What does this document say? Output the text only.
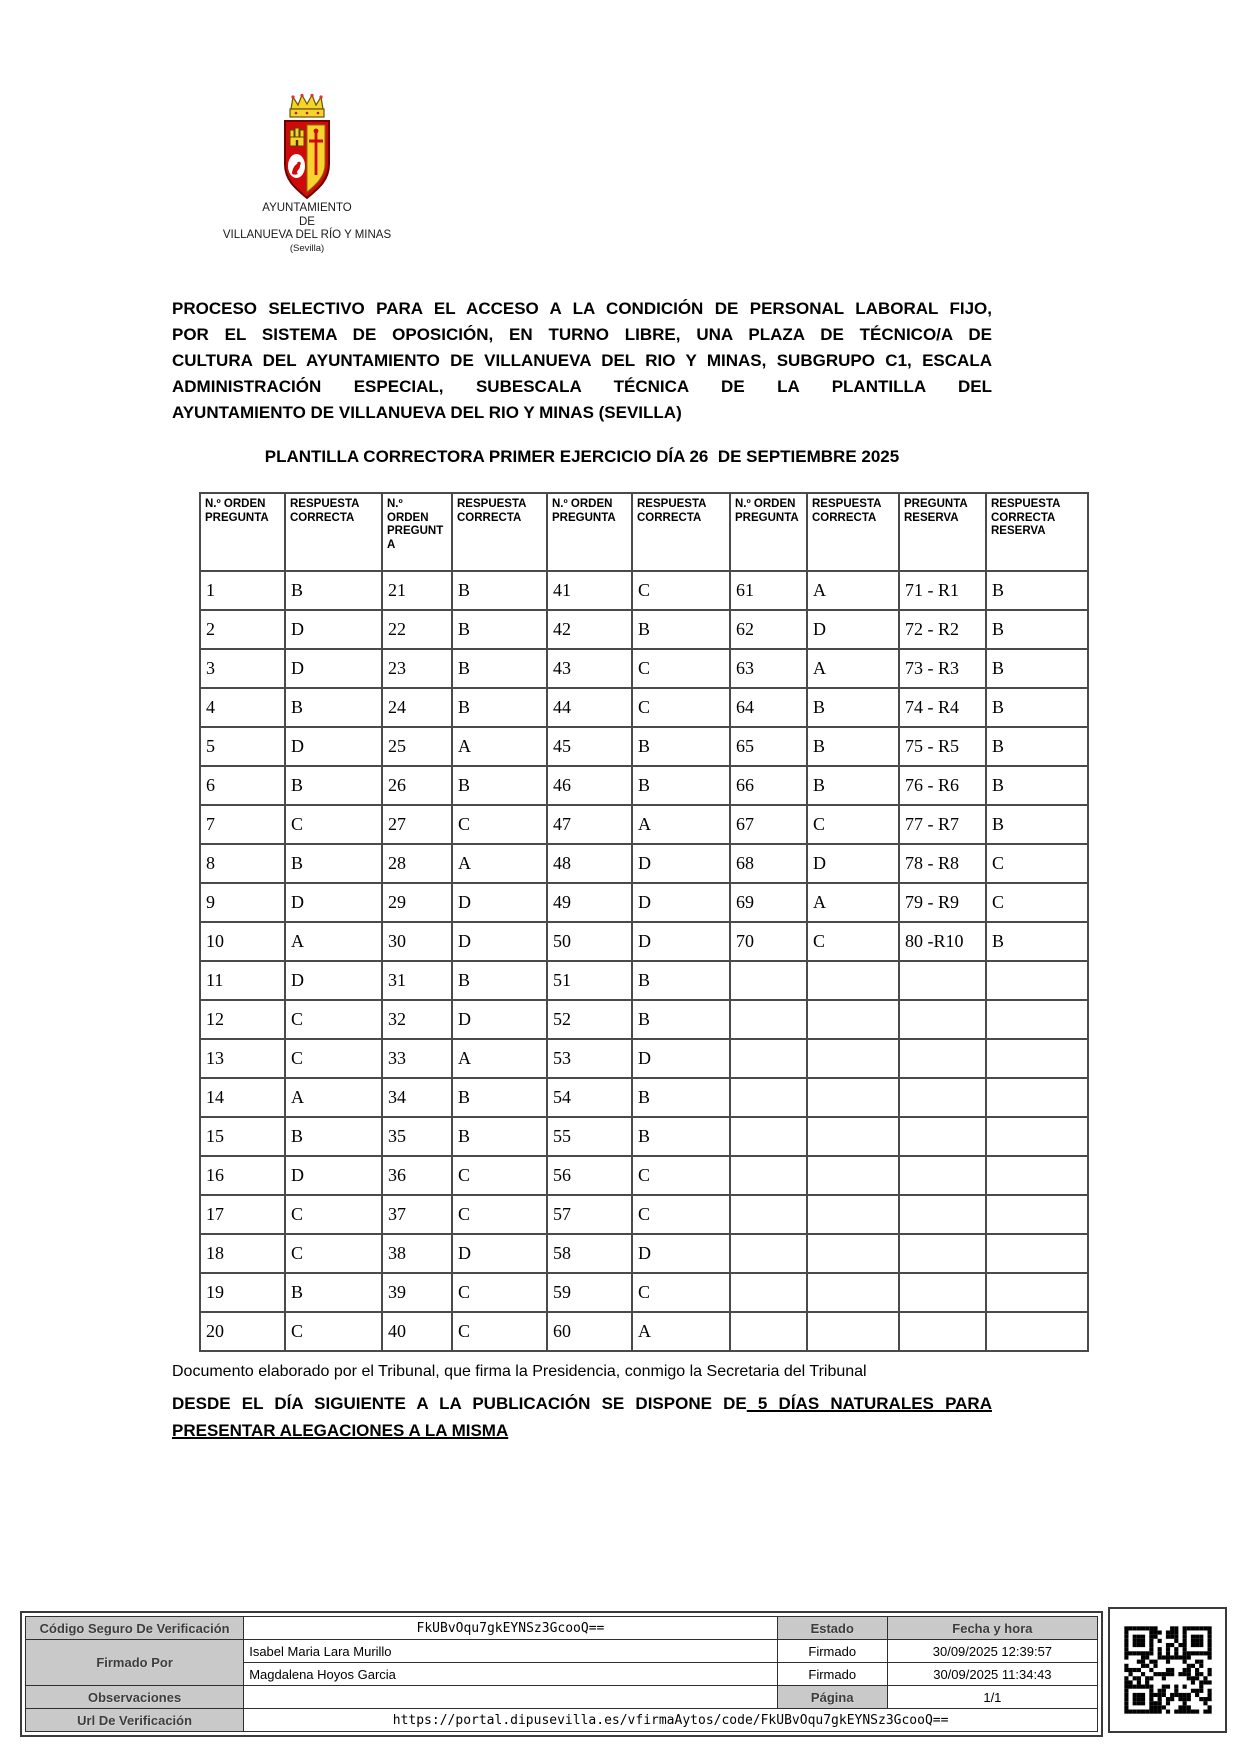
AYUNTAMIENTO
DE
VILLANUEVA DEL RÍO Y MINAS
(Sevilla)
PROCESO SELECTIVO PARA EL ACCESO A LA CONDICIÓN DE PERSONAL LABORAL FIJO,
POR EL SISTEMA DE OPOSICIÓN, EN TURNO LIBRE, UNA PLAZA DE TÉCNICO/A DE
CULTURA DEL AYUNTAMIENTO DE VILLANUEVA DEL RIO Y MINAS, SUBGRUPO C1, ESCALA
ADMINISTRACIÓN ESPECIAL, SUBESCALA TÉCNICA DE LA PLANTILLA DEL
AYUNTAMIENTO DE VILLANUEVA DEL RIO Y MINAS (SEVILLA)
PLANTILLA CORRECTORA PRIMER EJERCICIO DÍA 26  DE SEPTIEMBRE 2025
N.º ORDEN PREGUNTA	RESPUESTA CORRECTA	N.º ORDEN PREGUNTA	RESPUESTA CORRECTA	N.º ORDEN PREGUNTA	RESPUESTA CORRECTA	N.º ORDEN PREGUNTA	RESPUESTA CORRECTA	PREGUNTA RESERVA	RESPUESTA CORRECTA RESERVA
1	B	21	B	41	C	61	A	71 - R1	B
2	D	22	B	42	B	62	D	72 - R2	B
3	D	23	B	43	C	63	A	73 - R3	B
4	B	24	B	44	C	64	B	74 - R4	B
5	D	25	A	45	B	65	B	75 - R5	B
6	B	26	B	46	B	66	B	76 - R6	B
7	C	27	C	47	A	67	C	77 - R7	B
8	B	28	A	48	D	68	D	78 - R8	C
9	D	29	D	49	D	69	A	79 - R9	C
10	A	30	D	50	D	70	C	80 -R10	B
11	D	31	B	51	B				
12	C	32	D	52	B				
13	C	33	A	53	D				
14	A	34	B	54	B				
15	B	35	B	55	B				
16	D	36	C	56	C				
17	C	37	C	57	C				
18	C	38	D	58	D				
19	B	39	C	59	C				
20	C	40	C	60	A				

Documento elaborado por el Tribunal, que firma la Presidencia, conmigo la Secretaria del Tribunal

DESDE EL DÍA SIGUIENTE A LA PUBLICACIÓN SE DISPONE DE 5 DÍAS NATURALES PARA
PRESENTAR ALEGACIONES A LA MISMA
Código Seguro De Verificación	FkUBvOqu7gkEYNSz3GcooQ==	Estado	Fecha y hora
Firmado Por	Isabel Maria Lara Murillo	Firmado	30/09/2025 12:39:57
	Magdalena Hoyos Garcia	Firmado	30/09/2025 11:34:43
Observaciones		Página	1/1
Url De Verificación	https://portal.dipusevilla.es/vfirmaAytos/code/FkUBvOqu7gkEYNSz3GcooQ==		
